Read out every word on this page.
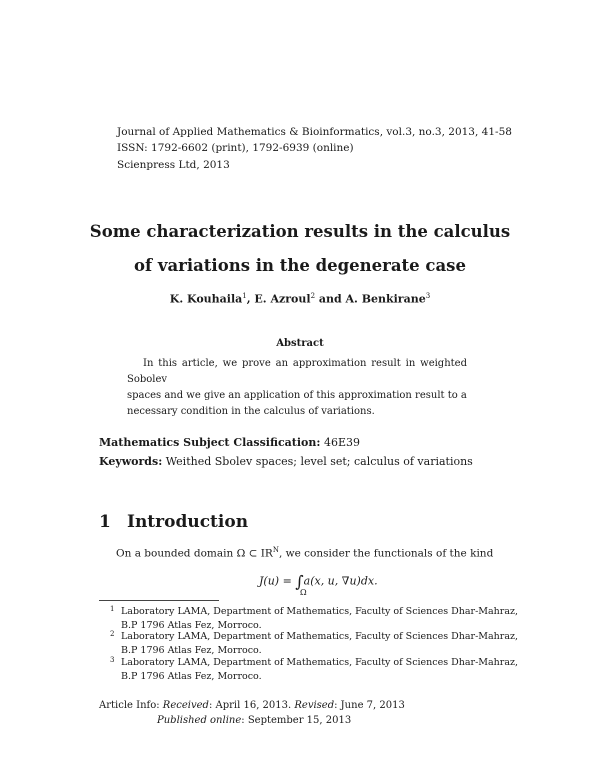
Journal of Applied Mathematics & Bioinformatics, vol.3, no.3, 2013, 41-58
ISSN: 1792-6602 (print), 1792-6939 (online)
Scienpress Ltd, 2013
Some characterization results in the calculus
of variations in the degenerate case
K. Kouhaila$^1$, E. Azroul$^2$ and A. Benkirane$^3$
Abstract
In this article, we prove an approximation result in weighted Sobolev
spaces and we give an application of this approximation result to a
necessary condition in the calculus of variations.
Mathematics Subject Classification: 46E39
Keywords: Weithed Sbolev spaces; level set; calculus of variations
1 Introduction
On a bounded domain Ω ⊂ $IR^N$, we consider the functionals of the kind
J(u) = ∫
Ω
a(x, u, ∇u)dx.
1 Laboratory LAMA, Department of Mathematics, Faculty of Sciences Dhar-Mahraz,
B.P 1796 Atlas Fez, Morroco.
2 Laboratory LAMA, Department of Mathematics, Faculty of Sciences Dhar-Mahraz,
B.P 1796 Atlas Fez, Morroco.
3 Laboratory LAMA, Department of Mathematics, Faculty of Sciences Dhar-Mahraz,
B.P 1796 Atlas Fez, Morroco.
Article Info: Received: April 16, 2013. Revised: June 7, 2013
Published online: September 15, 2013
